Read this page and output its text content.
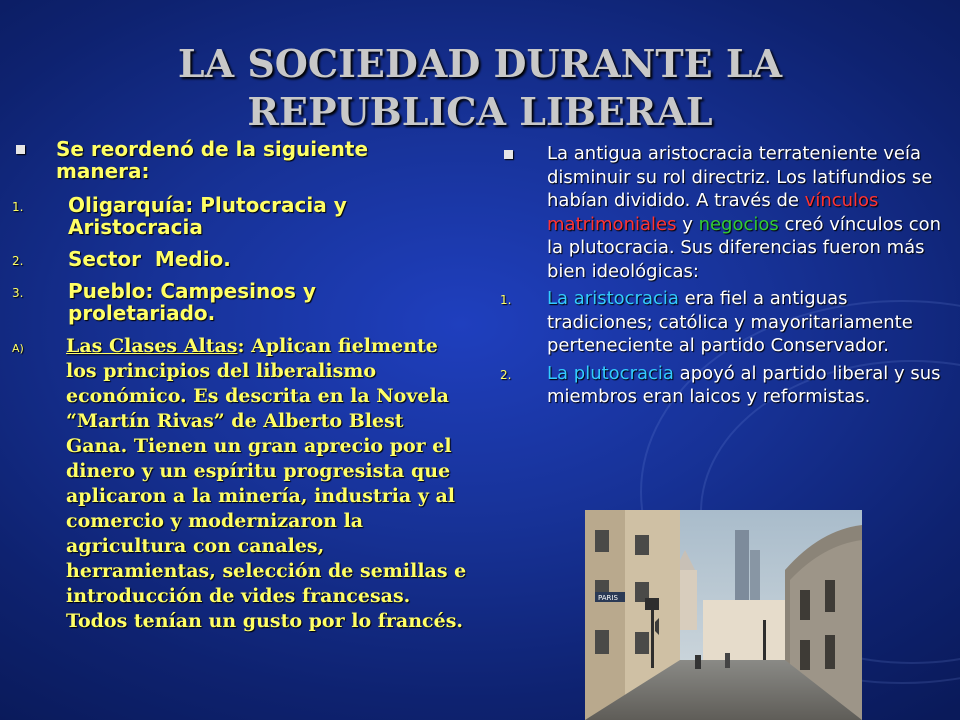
LA SOCIEDAD DURANTE LA
REPUBLICA LIBERAL
Se reordenó de la siguiente manera:
1. Oligarquía: Plutocracia y Aristocracia
2. Sector  Medio.
3. Pueblo: Campesinos y proletariado.
A) Las Clases Altas: Aplican fielmente los principios del liberalismo económico. Es descrita en la Novela “Martín Rivas” de Alberto Blest Gana. Tienen un gran aprecio por el dinero y un espíritu progresista que aplicaron a la minería, industria y al comercio y modernizaron la agricultura con canales, herramientas, selección de semillas e introducción de vides francesas. Todos tenían un gusto por lo francés.
La antigua aristocracia terrateniente veía disminuir su rol directriz. Los latifundios se habían dividido. A través de vínculos matrimoniales y negocios creó vínculos con la plutocracia. Sus diferencias fueron más bien ideológicas:
1. La aristocracia era fiel a antiguas tradiciones; católica y mayoritariamente perteneciente al partido Conservador.
2. La plutocracia apoyó al partido liberal y sus miembros eran laicos y reformistas.
PARIS
